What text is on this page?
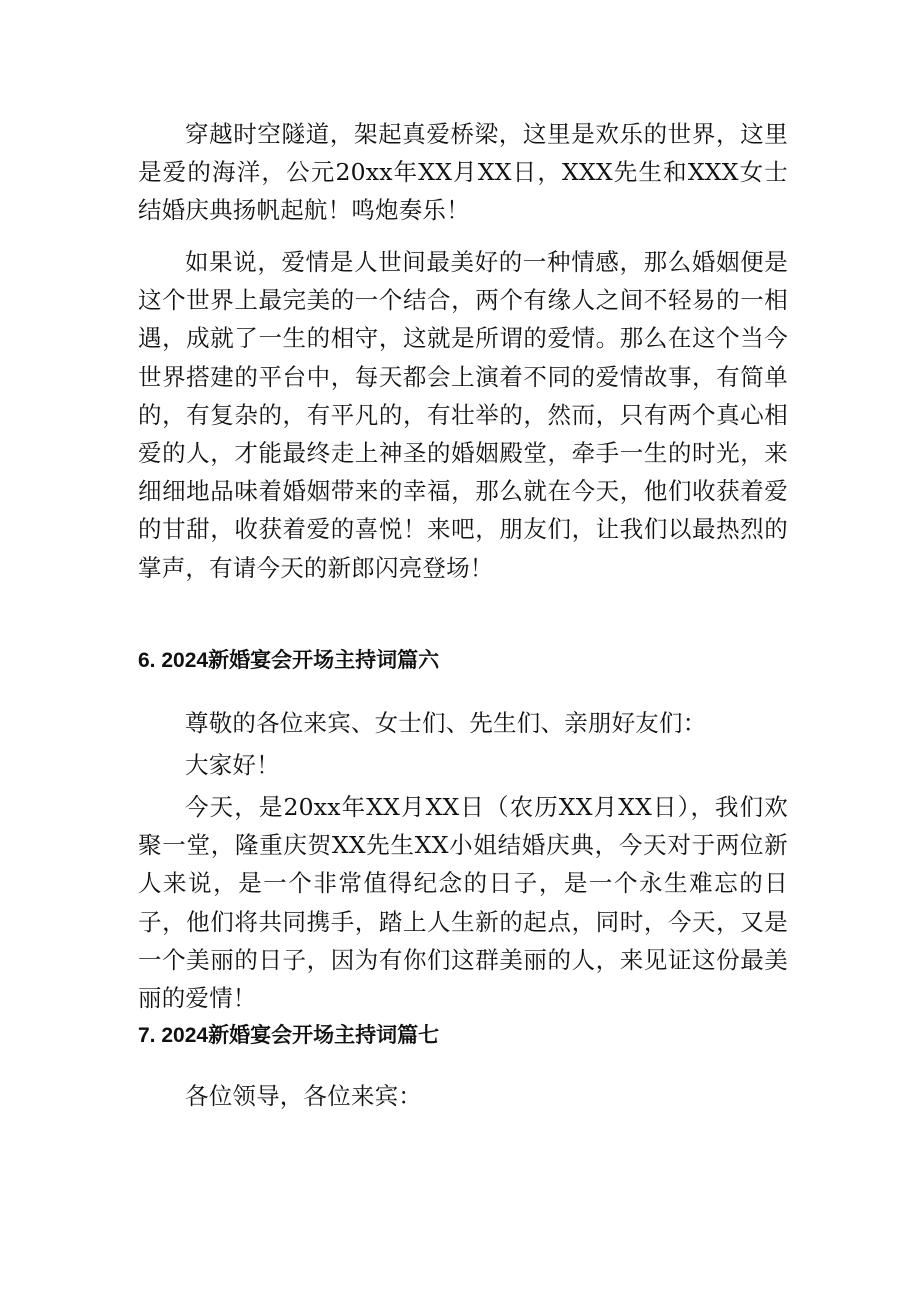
穿越时空隧道，架起真爱桥梁，这里是欢乐的世界，这里是爱的海洋，公元20xx年XX月XX日，XXX先生和XXX女士结婚庆典扬帆起航！鸣炮奏乐！

如果说，爱情是人世间最美好的一种情感，那么婚姻便是这个世界上最完美的一个结合，两个有缘人之间不轻易的一相遇，成就了一生的相守，这就是所谓的爱情。那么在这个当今世界搭建的平台中，每天都会上演着不同的爱情故事，有简单的，有复杂的，有平凡的，有壮举的，然而，只有两个真心相爱的人，才能最终走上神圣的婚姻殿堂，牵手一生的时光，来细细地品味着婚姻带来的幸福，那么就在今天，他们收获着爱的甘甜，收获着爱的喜悦！来吧，朋友们，让我们以最热烈的掌声，有请今天的新郎闪亮登场！

6. 2024新婚宴会开场主持词篇六

尊敬的各位来宾、女士们、先生们、亲朋好友们：

大家好！

今天，是20xx年XX月XX日（农历XX月XX日），我们欢聚一堂，隆重庆贺XX先生XX小姐结婚庆典，今天对于两位新人来说，是一个非常值得纪念的日子，是一个永生难忘的日子，他们将共同携手，踏上人生新的起点，同时，今天，又是一个美丽的日子，因为有你们这群美丽的人，来见证这份最美丽的爱情！

7. 2024新婚宴会开场主持词篇七

各位领导，各位来宾：
